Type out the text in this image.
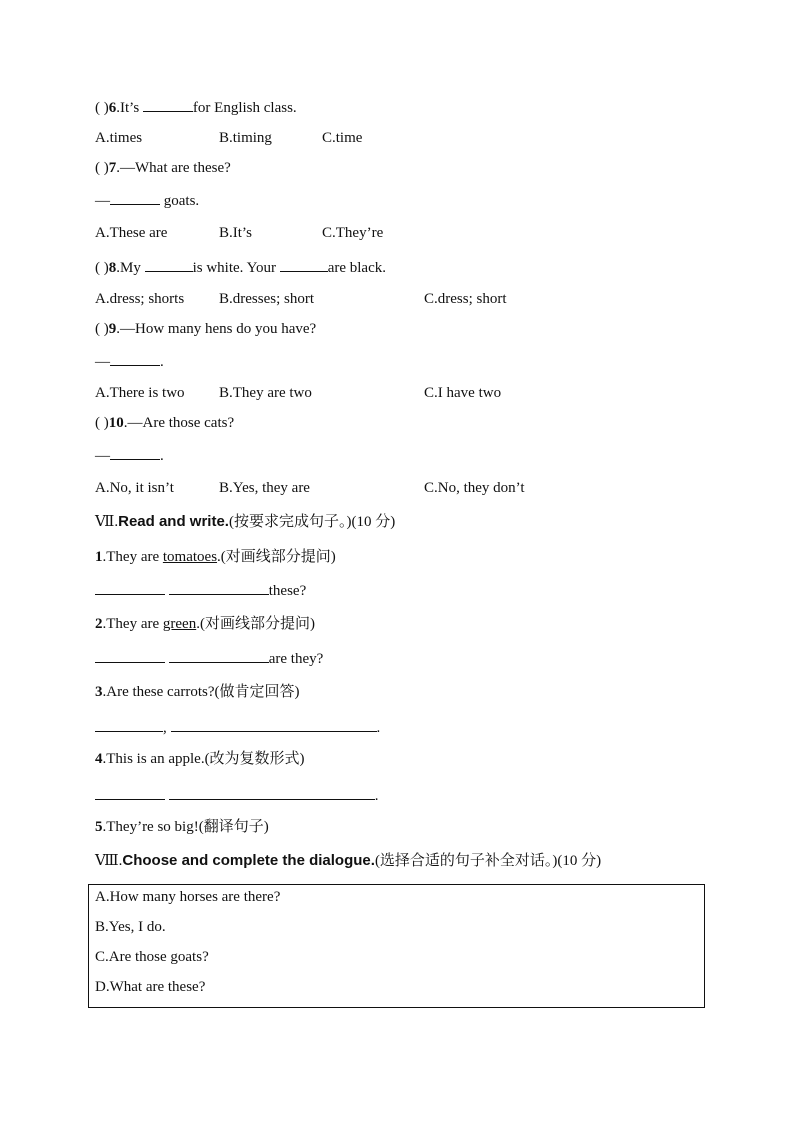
( )6.It’s	for English class.
A.times	B.timing	C.time
( )7.—What are these?
—	goats.
A.These are	B.It’s	C.They’re
( )8.My	is white. Your	are black.
A.dress; shorts B.dresses; short	C.dress; short
( )9.—How many hens do you have?
—	.
A.There is two B.They are two	C.I have two
( )10.—Are those cats?
—	.
A.No, it isn’t	B.Yes, they are	C.No, they don’t
Ⅶ.Read and write.(按要求完成句子。)(10 分)
1.They are tomatoes.(对画线部分提问)
these?
2.They are green.(对画线部分提问)
are they?
3.Are these carrots?(做肯定回答)
,	.
4.This is an apple.(改为复数形式)
.
5.They’re so big!(翻译句子)
Ⅷ.Choose and complete the dialogue.(选择合适的句子补全对话。)(10 分)
A.How many horses are there?
B.Yes, I do.
C.Are those goats?
D.What are these?
